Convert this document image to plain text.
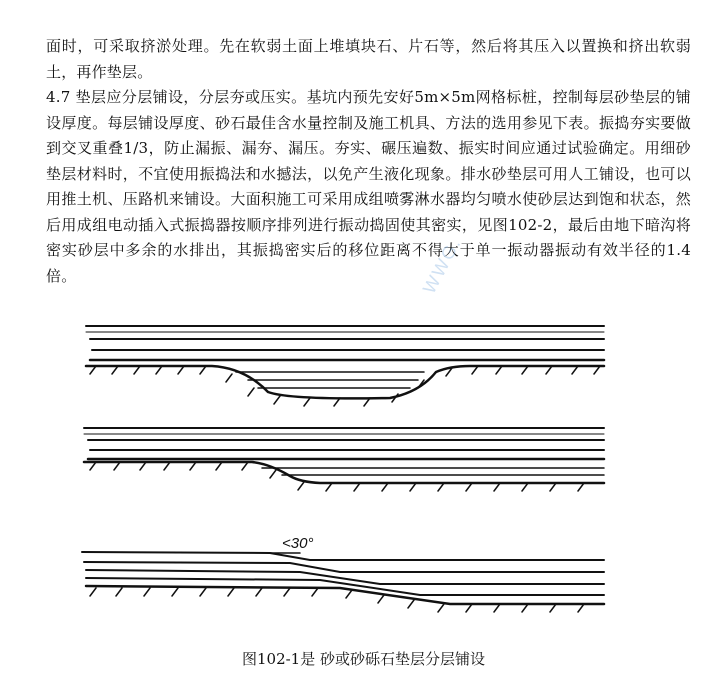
面时，可采取挤淤处理。先在软弱土面上堆填块石、片石等，然后将其压入以置换和挤出软弱土，再作垫层。

4.7 垫层应分层铺设，分层夯或压实。基坑内预先安好5m×5m网格标桩，控制每层砂垫层的铺设厚度。每层铺设厚度、砂石最佳含水量控制及施工机具、方法的选用参见下表。振捣夯实要做到交叉重叠1/3，防止漏振、漏夯、漏压。夯实、碾压遍数、振实时间应通过试验确定。用细砂垫层材料时，不宜使用振捣法和水撼法，以免产生液化现象。排水砂垫层可用人工铺设，也可以用推土机、压路机来铺设。大面积施工可采用成组喷雾淋水器均匀喷水使砂层达到饱和状态，然后用成组电动插入式振捣器按顺序排列进行振动捣固使其密实，见图102-2，最后由地下暗沟将密实砂层中多余的水排出，其振捣密实后的移位距离不得大于单一振动器振动有效半径的1.4倍。	WWG.
<30°
图102-1是 砂或砂砾石垫层分层铺设
